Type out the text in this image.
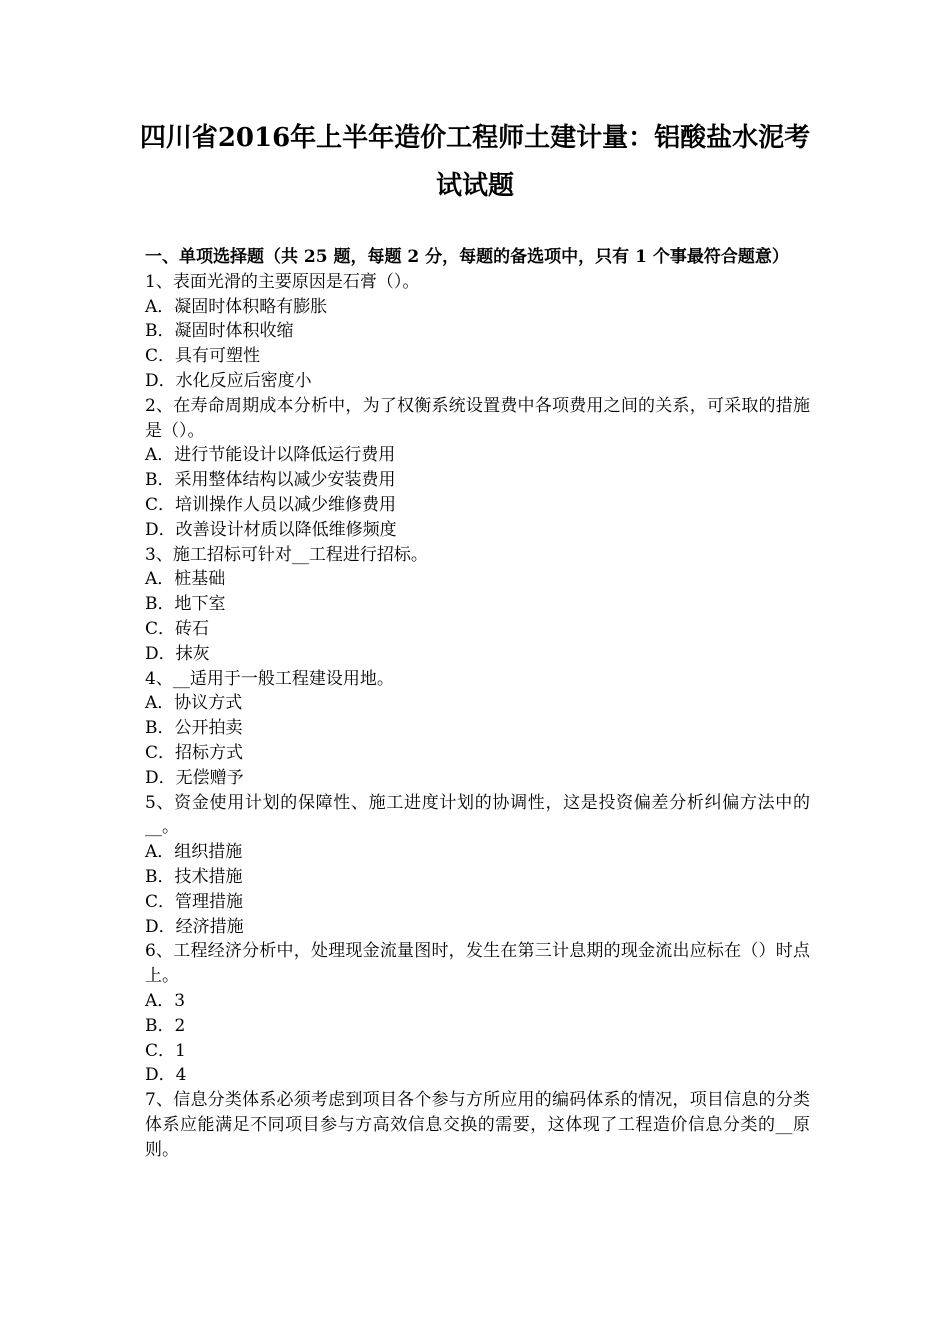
四川省2016年上半年造价工程师土建计量：铝酸盐水泥考
试试题

一、单项选择题（共 25 题，每题 2 分，每题的备选项中，只有 1 个事最符合题意）

1、表面光滑的主要原因是石膏（）。

A．凝固时体积略有膨胀

B．凝固时体积收缩

C．具有可塑性

D．水化反应后密度小

2、在寿命周期成本分析中，为了权衡系统设置费中各项费用之间的关系，可采取的措施是（）。

A．进行节能设计以降低运行费用

B．采用整体结构以减少安装费用

C．培训操作人员以减少维修费用

D．改善设计材质以降低维修频度

3、施工招标可针对__工程进行招标。

A．桩基础

B．地下室

C．砖石

D．抹灰

4、__适用于一般工程建设用地。

A．协议方式

B．公开拍卖

C．招标方式

D．无偿赠予

5、资金使用计划的保障性、施工进度计划的协调性，这是投资偏差分析纠偏方法中的__。

A．组织措施

B．技术措施

C．管理措施

D．经济措施

6、工程经济分析中，处理现金流量图时，发生在第三计息期的现金流出应标在（）时点上。

A．3

B．2

C．1

D．4

7、信息分类体系必须考虑到项目各个参与方所应用的编码体系的情况，项目信息的分类体系应能满足不同项目参与方高效信息交换的需要，这体现了工程造价信息分类的__原则。
